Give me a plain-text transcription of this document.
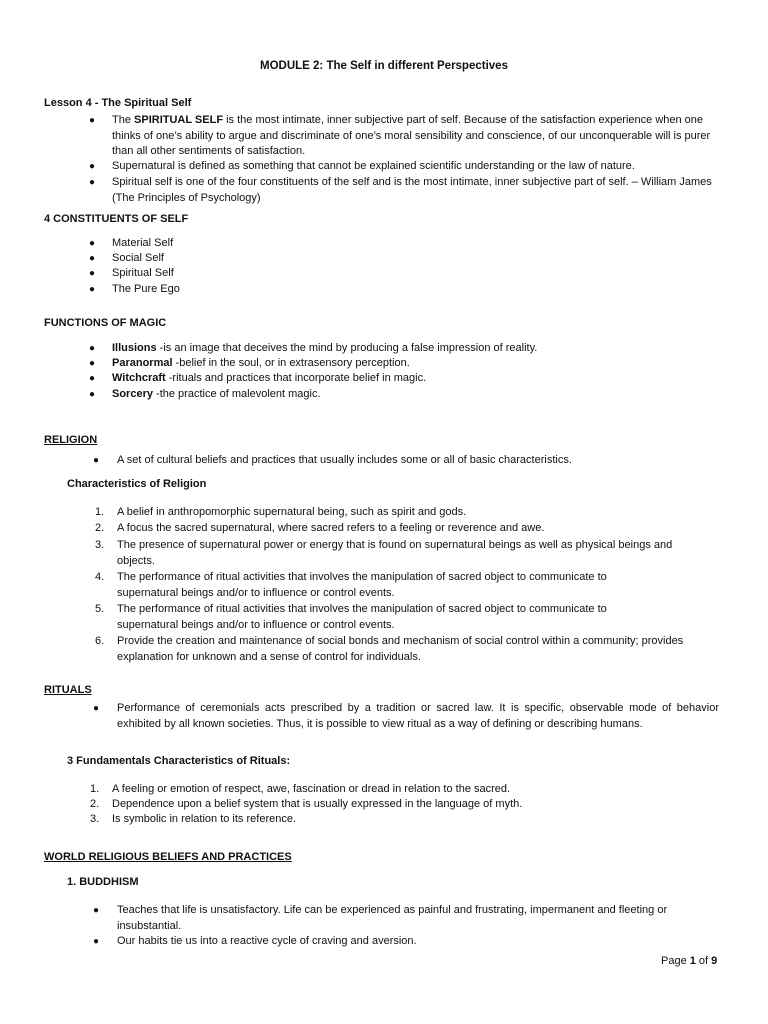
MODULE 2: The Self in different Perspectives
Lesson 4 - The Spiritual Self
● The SPIRITUAL SELF is the most intimate, inner subjective part of self. Because of the satisfaction experience when one thinks of one’s ability to argue and discriminate of one’s moral sensibility and conscience, of our unconquerable will is purer than all other sentiments of satisfaction.
● Supernatural is defined as something that cannot be explained scientific understanding or the law of nature.
● Spiritual self is one of the four constituents of the self and is the most intimate, inner subjective part of self. – William James (The Principles of Psychology)
4 CONSTITUENTS OF SELF
● Material Self
● Social Self
● Spiritual Self
● The Pure Ego
FUNCTIONS OF MAGIC
● Illusions -is an image that deceives the mind by producing a false impression of reality.
● Paranormal -belief in the soul, or in extrasensory perception.
● Witchcraft -rituals and practices that incorporate belief in magic.
● Sorcery -the practice of malevolent magic.
RELIGION
● A set of cultural beliefs and practices that usually includes some or all of basic characteristics.
Characteristics of Religion
1. A belief in anthropomorphic supernatural being, such as spirit and gods.
2. A focus the sacred supernatural, where sacred refers to a feeling or reverence and awe.
3. The presence of supernatural power or energy that is found on supernatural beings as well as physical beings and objects.
4. The performance of ritual activities that involves the manipulation of sacred object to communicate to supernatural beings and/or to influence or control events.
5. The performance of ritual activities that involves the manipulation of sacred object to communicate to supernatural beings and/or to influence or control events.
6. Provide the creation and maintenance of social bonds and mechanism of social control within a community; provides explanation for unknown and a sense of control for individuals.
RITUALS
● Performance of ceremonials acts prescribed by a tradition or sacred law. It is specific, observable mode of behavior exhibited by all known societies. Thus, it is possible to view ritual as a way of defining or describing humans.
3 Fundamentals Characteristics of Rituals:
1. A feeling or emotion of respect, awe, fascination or dread in relation to the sacred.
2. Dependence upon a belief system that is usually expressed in the language of myth.
3. Is symbolic in relation to its reference.
WORLD RELIGIOUS BELIEFS AND PRACTICES
1. BUDDHISM
● Teaches that life is unsatisfactory. Life can be experienced as painful and frustrating, impermanent and fleeting or insubstantial.
● Our habits tie us into a reactive cycle of craving and aversion.
Page 1 of 9
